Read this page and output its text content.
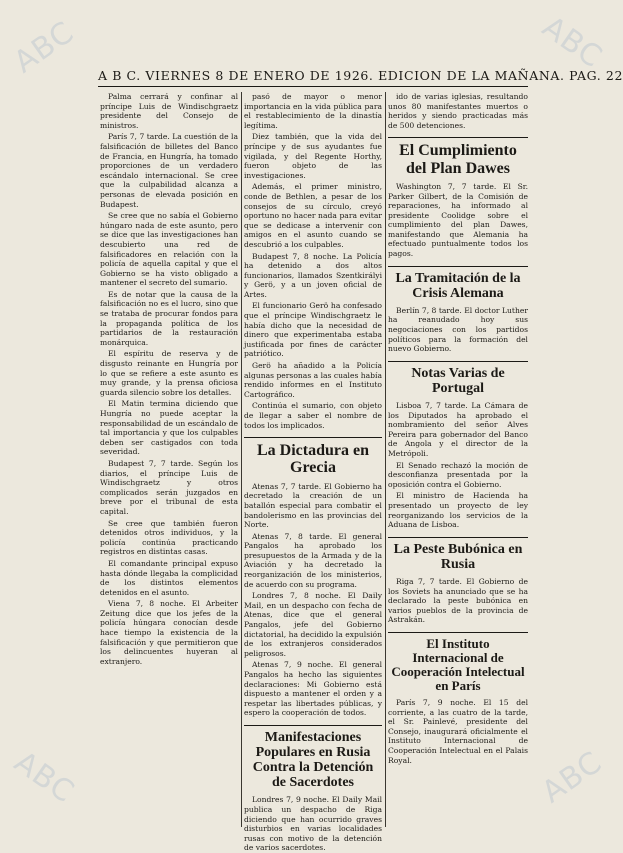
A B C. VIERNES 8 DE ENERO DE 1926. EDICION DE LA MAÑANA. PAG. 22
ABC	ABC
ABC	ABC

Palma cerrará y confinar al príncipe Luis de Windischgraetz presidente del Consejo de ministros.

París 7, 7 tarde. La cuestión de la falsificación de billetes del Banco de Francia, en Hungría, ha tomado proporciones de un verdadero escándalo internacional. Se cree que la culpabilidad alcanza a personas de elevada posición en Budapest.

Se cree que no sabía el Gobierno húngaro nada de este asunto, pero se dice que las investigaciones han descubierto una red de falsificadores en relación con la policía de aquella capital y que el Gobierno se ha visto obligado a mantener el secreto del sumario.

Es de notar que la causa de la falsificación no es el lucro, sino que se trataba de procurar fondos para la propaganda política de los partidarios de la restauración monárquica.

El espíritu de reserva y de disgusto reinante en Hungría por lo que se refiere a este asunto es muy grande, y la prensa oficiosa guarda silencio sobre los detalles.

El Matin termina diciendo que Hungría no puede aceptar la responsabilidad de un escándalo de tal importancia y que los culpables deben ser castigados con toda severidad.

Budapest 7, 7 tarde. Según los diarios, el príncipe Luis de Windischgraetz y otros complicados serán juzgados en breve por el tribunal de esta capital.

Se cree que también fueron detenidos otros individuos, y la policía continúa practicando registros en distintas casas.

El comandante principal expuso hasta dónde llegaba la complicidad de los distintos elementos detenidos en el asunto.

Viena 7, 8 noche. El Arbeiter Zeitung dice que los jefes de la policía húngara conocían desde hace tiempo la existencia de la falsificación y que permitieron que los delincuentes huyeran al extranjero.

pasó de mayor o menor importancia en la vida pública para el restablecimiento de la dinastía legítima.

Diez también, que la vida del príncipe y de sus ayudantes fue vigilada, y del Regente Horthy, fueron objeto de las investigaciones.

Además, el primer ministro, conde de Bethlen, a pesar de los consejos de su círculo, creyó oportuno no hacer nada para evitar que se dedicase a intervenir con amigos en el asunto cuando se descubrió a los culpables.

Budapest 7, 8 noche. La Policía ha detenido a dos altos funcionarios, llamados Szentkirályi y Gerö, y a un joven oficial de Artes.

El funcionario Gerö ha confesado que el príncipe Windischgraetz le había dicho que la necesidad de dinero que experimentaba estaba justificada por fines de carácter patriótico.

Gerö ha añadido a la Policía algunas personas a las cuales había rendido informes en el Instituto Cartográfico.

Continúa el sumario, con objeto de llegar a saber el nombre de todos los implicados.

La Dictadura en Grecia

Atenas 7, 7 tarde. El Gobierno ha decretado la creación de un batallón especial para combatir el bandolerismo en las provincias del Norte.

Atenas 7, 8 tarde. El general Pangalos ha aprobado los presupuestos de la Armada y de la Aviación y ha decretado la reorganización de los ministerios, de acuerdo con su programa.

Londres 7, 8 noche. El Daily Mail, en un despacho con fecha de Atenas, dice que el general Pangalos, jefe del Gobierno dictatorial, ha decidido la expulsión de los extranjeros considerados peligrosos.

Atenas 7, 9 noche. El general Pangalos ha hecho las siguientes declaraciones: Mi Gobierno está dispuesto a mantener el orden y a respetar las libertades públicas, y espero la cooperación de todos.

Manifestaciones Populares en Rusia Contra la Detención de Sacerdotes

Londres 7, 9 noche. El Daily Mail publica un despacho de Riga diciendo que han ocurrido graves disturbios en varias localidades rusas con motivo de la detención de varios sacerdotes.

ido de varias iglesias, resultando unos 80 manifestantes muertos o heridos y siendo practicadas más de 500 detenciones.

El Cumplimiento del Plan Dawes

Washington 7, 7 tarde. El Sr. Parker Gilbert, de la Comisión de reparaciones, ha informado al presidente Coolidge sobre el cumplimiento del plan Dawes, manifestando que Alemania ha efectuado puntualmente todos los pagos.

La Tramitación de la Crisis Alemana

Berlín 7, 8 tarde. El doctor Luther ha reanudado hoy sus negociaciones con los partidos políticos para la formación del nuevo Gobierno.

Notas Varias de Portugal

Lisboa 7, 7 tarde. La Cámara de los Diputados ha aprobado el nombramiento del señor Alves Pereira para gobernador del Banco de Angola y el director de la Metrópoli.

El Senado rechazó la moción de desconfianza presentada por la oposición contra el Gobierno.

El ministro de Hacienda ha presentado un proyecto de ley reorganizando los servicios de la Aduana de Lisboa.

La Peste Bubónica en Rusia

Riga 7, 7 tarde. El Gobierno de los Soviets ha anunciado que se ha declarado la peste bubónica en varios pueblos de la provincia de Astrakán.

El Instituto Internacional de Cooperación Intelectual en París

París 7, 9 noche. El 15 del corriente, a las cuatro de la tarde, el Sr. Painlevé, presidente del Consejo, inaugurará oficialmente el Instituto Internacional de Cooperación Intelectual en el Palais Royal.
